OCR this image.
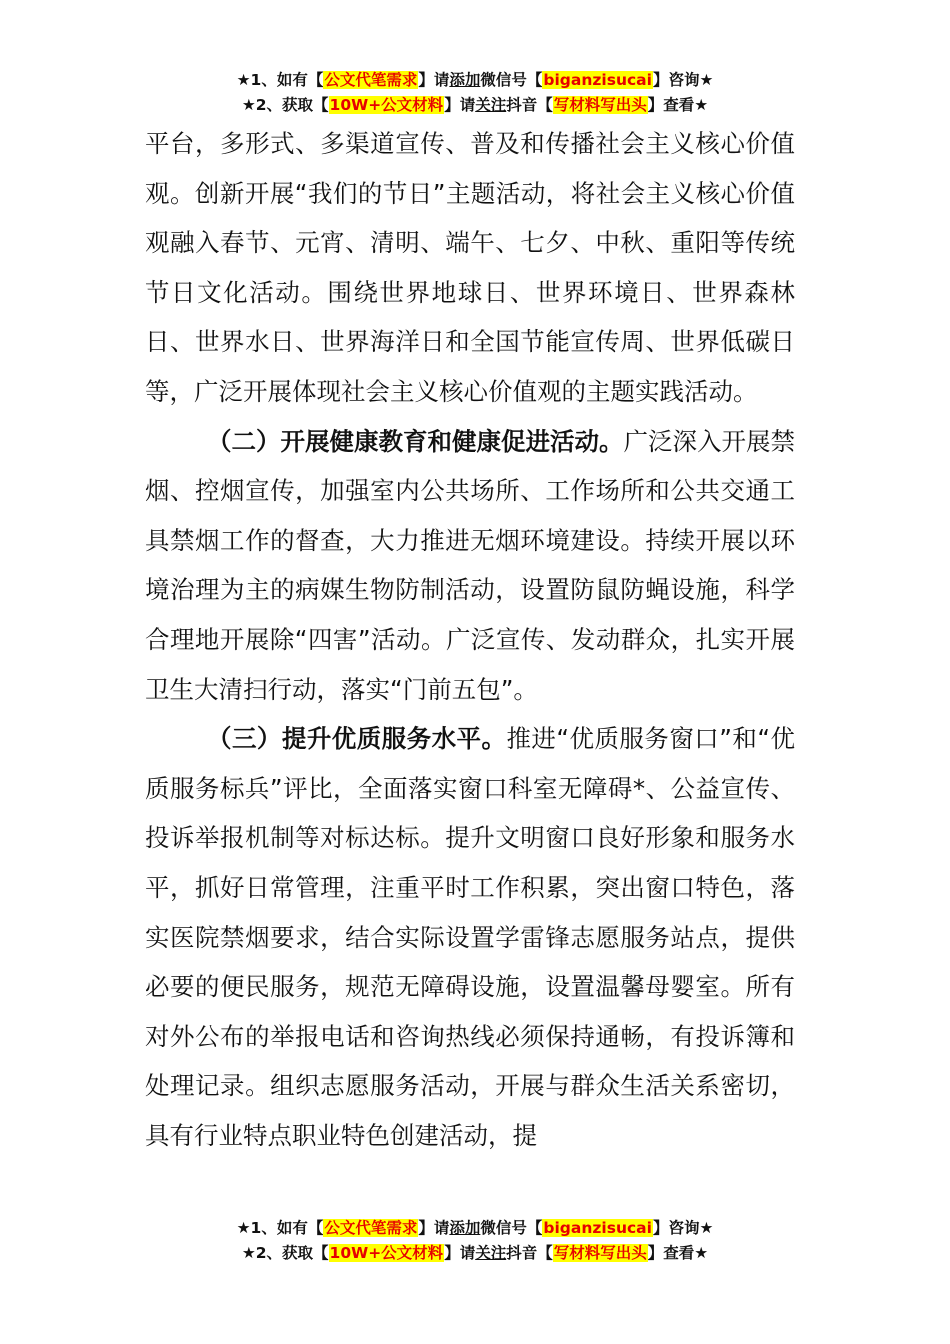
★1、如有【公文代笔需求】请添加微信号【biganzisucai】咨询★
★2、获取【10W+公文材料】请关注抖音【写材料写出头】查看★

平台，多形式、多渠道宣传、普及和传播社会主义核心价值观。创新开展“我们的节日”主题活动，将社会主义核心价值观融入春节、元宵、清明、端午、七夕、中秋、重阳等传统节日文化活动。围绕世界地球日、世界环境日、世界森林日、世界水日、世界海洋日和全国节能宣传周、世界低碳日等，广泛开展体现社会主义核心价值观的主题实践活动。

（二）开展健康教育和健康促进活动。广泛深入开展禁烟、控烟宣传，加强室内公共场所、工作场所和公共交通工具禁烟工作的督查，大力推进无烟环境建设。持续开展以环境治理为主的病媒生物防制活动，设置防鼠防蝇设施，科学合理地开展除“四害”活动。广泛宣传、发动群众，扎实开展卫生大清扫行动，落实“门前五包”。

（三）提升优质服务水平。推进“优质服务窗口”和“优质服务标兵”评比，全面落实窗口科室无障碍*、公益宣传、投诉举报机制等对标达标。提升文明窗口良好形象和服务水平，抓好日常管理，注重平时工作积累，突出窗口特色，落实医院禁烟要求，结合实际设置学雷锋志愿服务站点，提供必要的便民服务，规范无障碍设施，设置温馨母婴室。所有对外公布的举报电话和咨询热线必须保持通畅，有投诉簿和处理记录。组织志愿服务活动，开展与群众生活关系密切，具有行业特点职业特色创建活动，提

★1、如有【公文代笔需求】请添加微信号【biganzisucai】咨询★
★2、获取【10W+公文材料】请关注抖音【写材料写出头】查看★
